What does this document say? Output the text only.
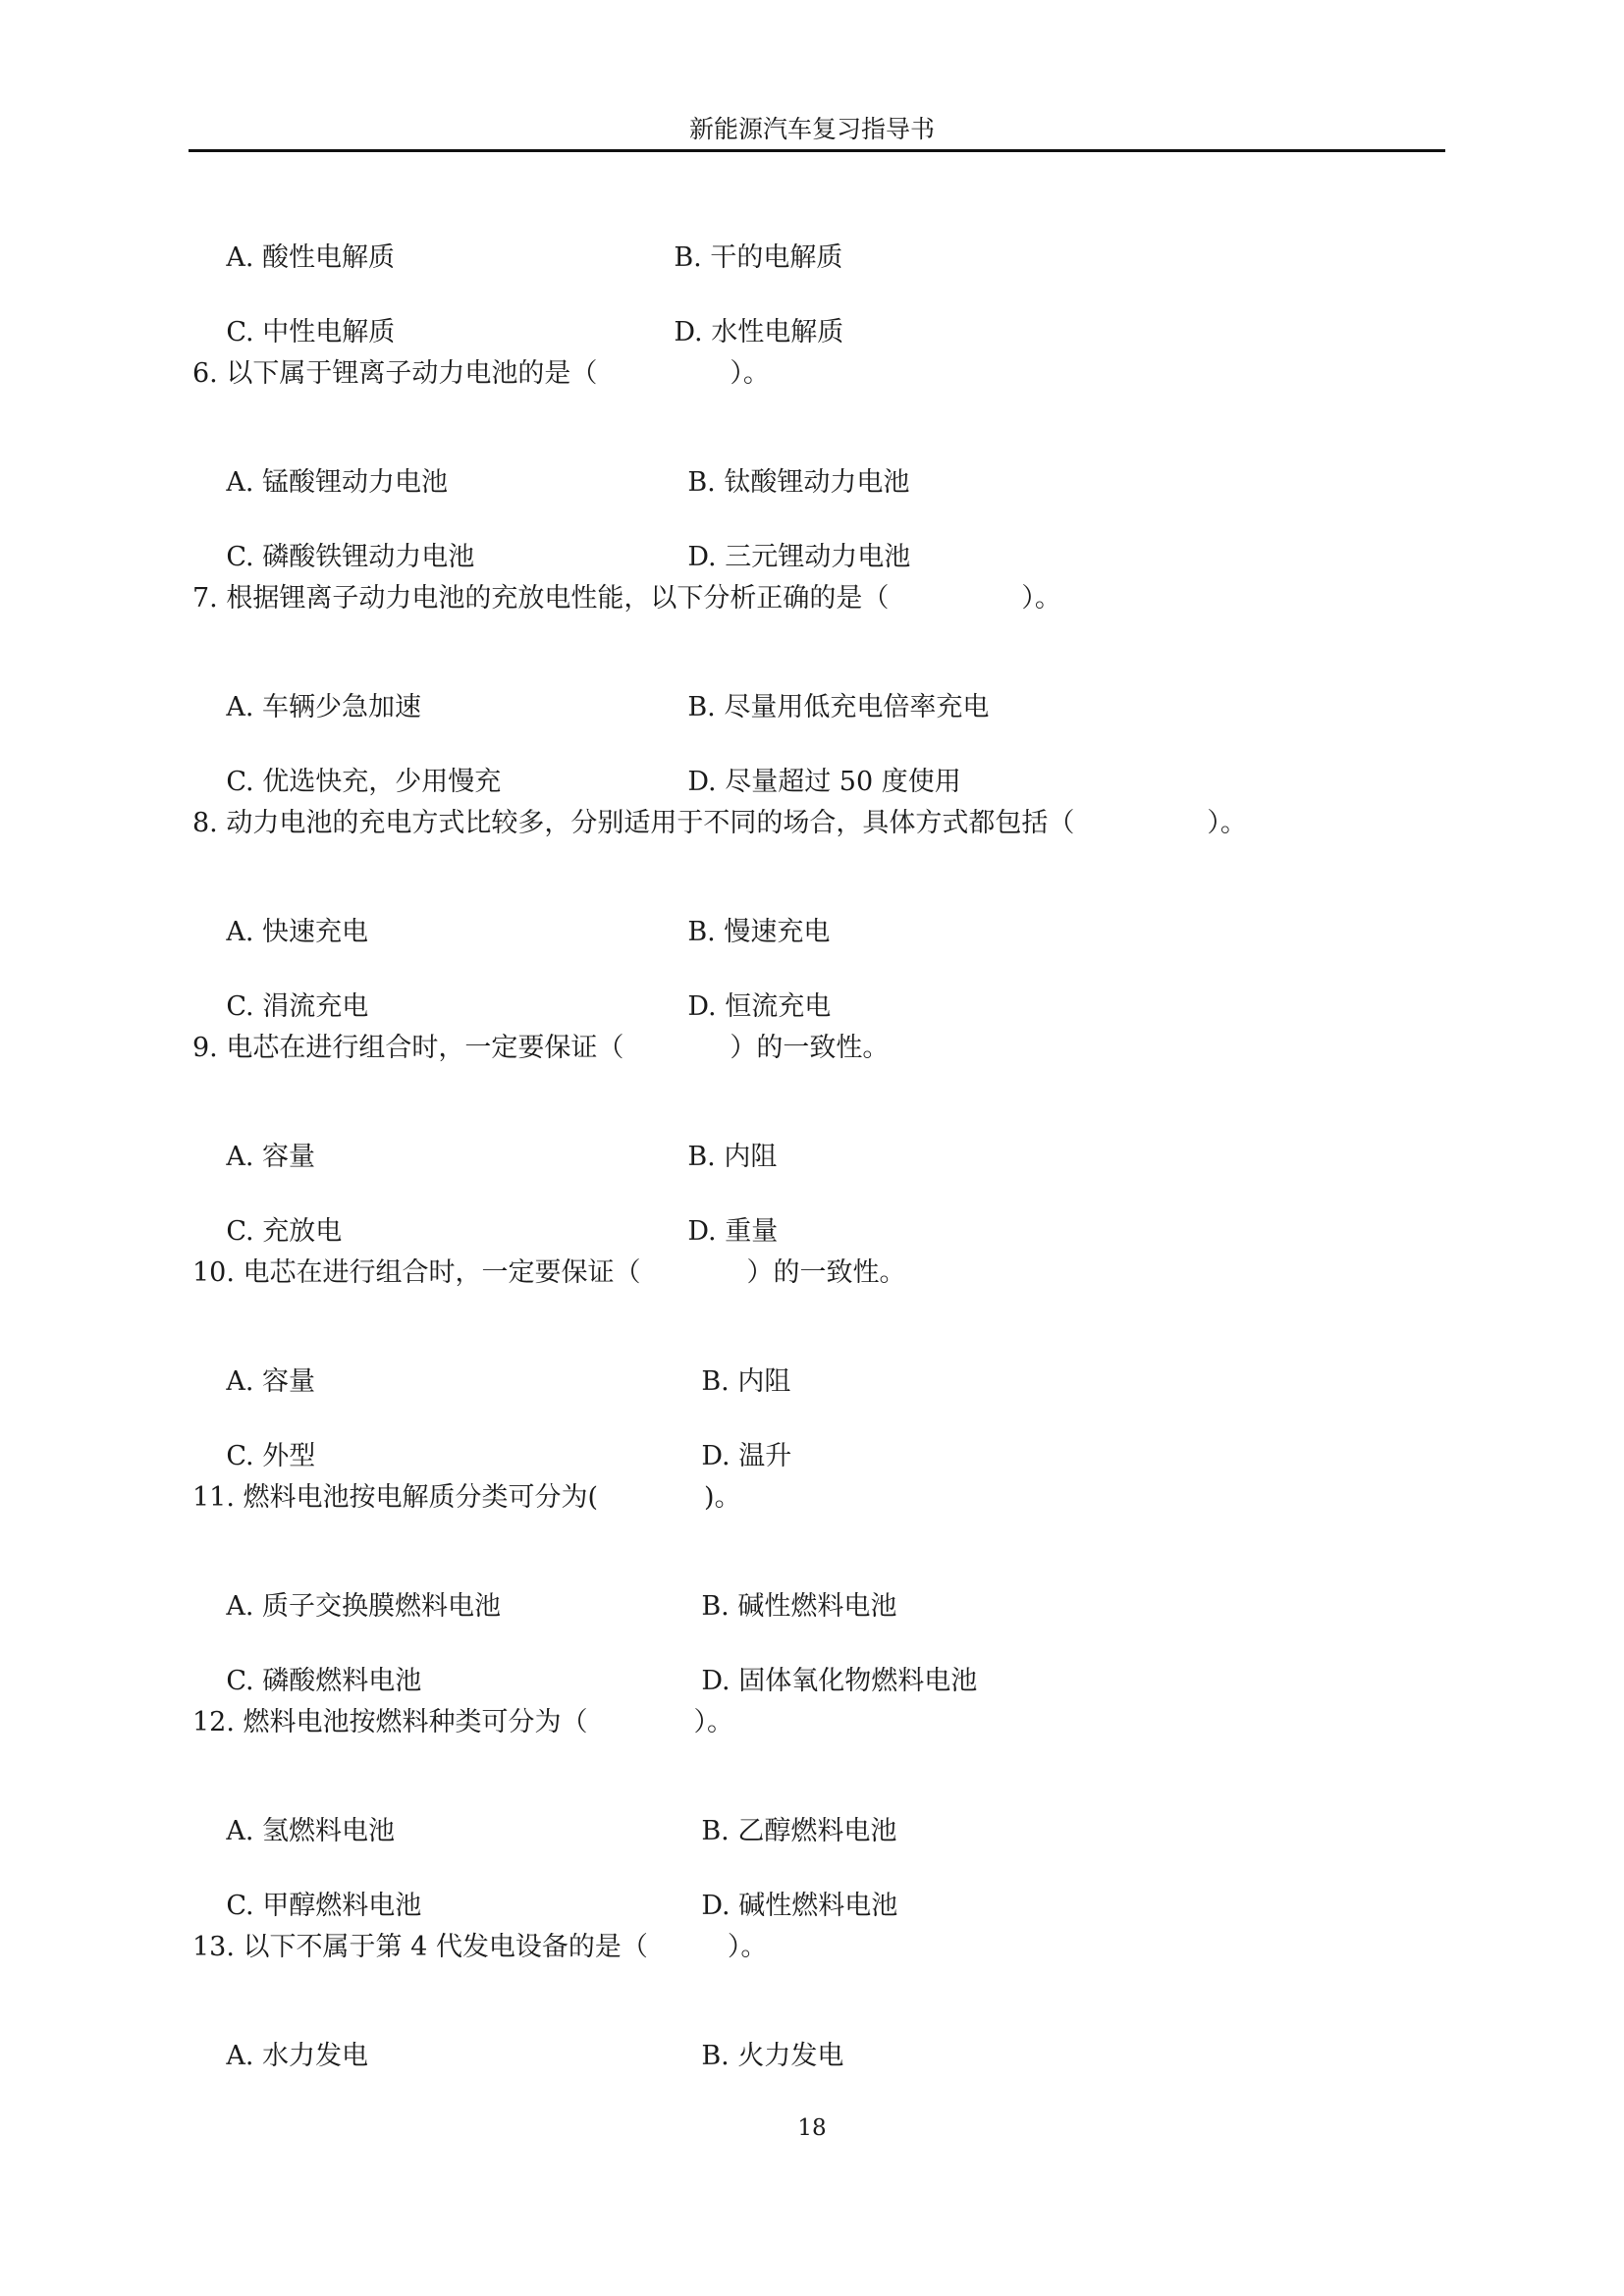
新能源汽车复习指导书

A. 酸性电解质
	B. 干的电解质

C. 中性电解质
	D. 水性电解质

6. 以下属于锂离子动力电池的是（　　　　　）。

A. 锰酸锂动力电池
	B. 钛酸锂动力电池

C. 磷酸铁锂动力电池
	D. 三元锂动力电池

7. 根据锂离子动力电池的充放电性能，以下分析正确的是（　　　　　）。

A. 车辆少急加速
	B. 尽量用低充电倍率充电

C. 优选快充，少用慢充
	D. 尽量超过 50 度使用

8. 动力电池的充电方式比较多，分别适用于不同的场合，具体方式都包括（　　　　　）。

A. 快速充电
	B. 慢速充电

C. 涓流充电
	D. 恒流充电

9. 电芯在进行组合时，一定要保证（　　　　）的一致性。

A. 容量
	B. 内阻

C. 充放电
	D. 重量

10. 电芯在进行组合时，一定要保证（　　　　）的一致性。

A. 容量
	B. 内阻

C. 外型
	D. 温升

11. 燃料电池按电解质分类可分为(　　　　)。

A. 质子交换膜燃料电池
	B. 碱性燃料电池

C. 磷酸燃料电池
	D. 固体氧化物燃料电池

12. 燃料电池按燃料种类可分为（　　　　）。

A. 氢燃料电池
	B. 乙醇燃料电池

C. 甲醇燃料电池
	D. 碱性燃料电池

13. 以下不属于第 4 代发电设备的是（　　　）。

A. 水力发电
	B. 火力发电

18
